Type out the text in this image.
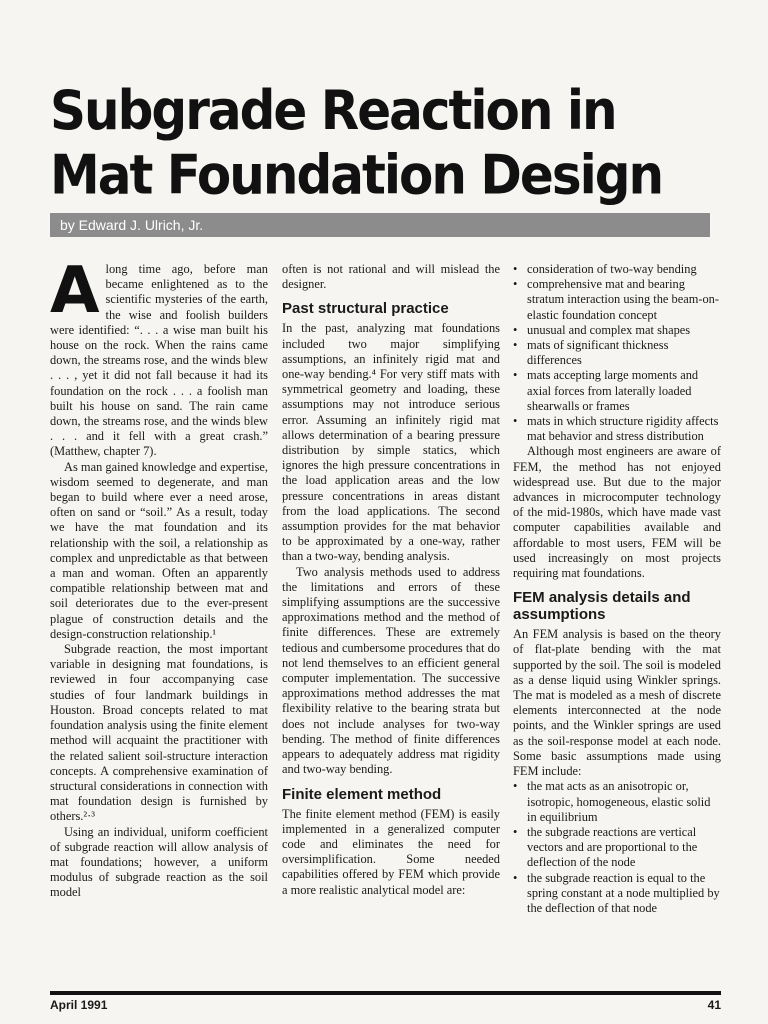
Subgrade Reaction in
Mat Foundation Design
by Edward J. Ulrich, Jr.

Along time ago, before man became enlightened as to the scientific mysteries of the earth, the wise and foolish builders were identified: “. . . a wise man built his house on the rock. When the rains came down, the streams rose, and the winds blew . . . , yet it did not fall because it had its foundation on the rock . . . a foolish man built his house on sand. The rain came down, the streams rose, and the winds blew . . . and it fell with a great crash.” (Matthew, chapter 7).

As man gained knowledge and expertise, wisdom seemed to degenerate, and man began to build where ever a need arose, often on sand or “soil.” As a result, today we have the mat foundation and its relationship with the soil, a relationship as complex and unpredictable as that between a man and woman. Often an apparently compatible relationship between mat and soil deteriorates due to the ever-present plague of construction details and the design-construction relationship.¹

Subgrade reaction, the most important variable in designing mat foundations, is reviewed in four accompanying case studies of four landmark buildings in Houston. Broad concepts related to mat foundation analysis using the finite element method will acquaint the practitioner with the related salient soil-structure interaction concepts. A comprehensive examination of structural considerations in connection with mat foundation design is furnished by others.²·³

Using an individual, uniform coefficient of subgrade reaction will allow analysis of mat foundations; however, a uniform modulus of subgrade reaction as the soil model

often is not rational and will mislead the designer.

Past structural practice

In the past, analyzing mat foundations included two major simplifying assumptions, an infinitely rigid mat and one-way bending.⁴ For very stiff mats with symmetrical geometry and loading, these assumptions may not introduce serious error. Assuming an infinitely rigid mat allows determination of a bearing pressure distribution by simple statics, which ignores the high pressure concentrations in the load application areas and the low pressure concentrations in areas distant from the load applications. The second assumption provides for the mat behavior to be approximated by a one-way, rather than a two-way, bending analysis.

Two analysis methods used to address the limitations and errors of these simplifying assumptions are the successive approximations method and the method of finite differences. These are extremely tedious and cumbersome procedures that do not lend themselves to an efficient general computer implementation. The successive approximations method addresses the mat flexibility relative to the bearing strata but does not include analyses for two-way bending. The method of finite differences appears to adequately address mat rigidity and two-way bending.

Finite element method

The finite element method (FEM) is easily implemented in a generalized computer code and eliminates the need for oversimplification. Some needed capabilities offered by FEM which provide a more realistic analytical model are:

• consideration of two-way bending
• comprehensive mat and bearing stratum interaction using the beam-on-elastic foundation concept
• unusual and complex mat shapes
• mats of significant thickness differences
• mats accepting large moments and axial forces from laterally loaded shearwalls or frames
• mats in which structure rigidity affects mat behavior and stress distribution

Although most engineers are aware of FEM, the method has not enjoyed widespread use. But due to the major advances in microcomputer technology of the mid-1980s, which have made vast computer capabilities available and affordable to most users, FEM will be used increasingly on most projects requiring mat foundations.

FEM analysis details and assumptions

An FEM analysis is based on the theory of flat-plate bending with the mat supported by the soil. The soil is modeled as a dense liquid using Winkler springs. The mat is modeled as a mesh of discrete elements interconnected at the node points, and the Winkler springs are used as the soil-response model at each node. Some basic assumptions made using FEM include:

• the mat acts as an anisotropic or, isotropic, homogeneous, elastic solid in equilibrium
• the subgrade reactions are vertical vectors and are proportional to the deflection of the node
• the subgrade reaction is equal to the spring constant at a node multiplied by the deflection of that node
April 1991	41
